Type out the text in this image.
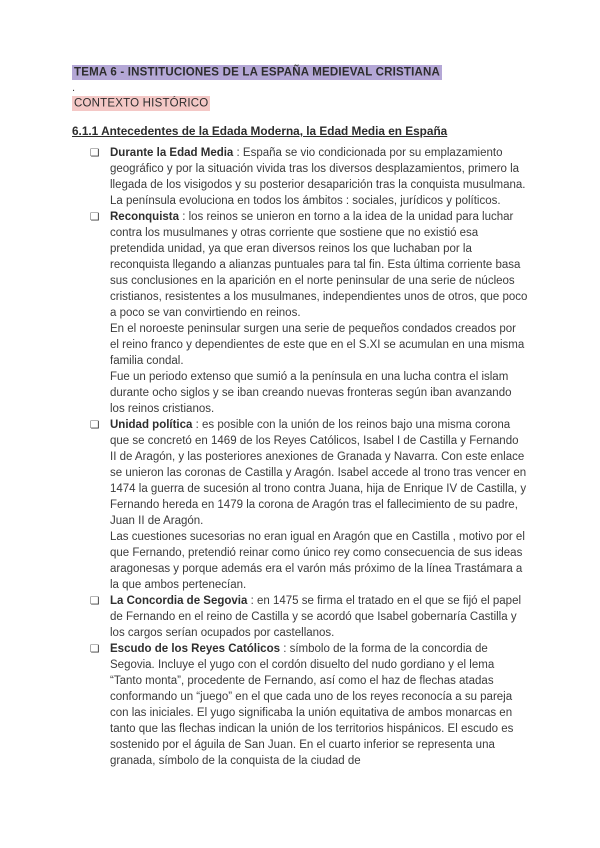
TEMA 6 - INSTITUCIONES DE LA ESPAÑA MEDIEVAL CRISTIANA
.
CONTEXTO HISTÓRICO
6.1.1 Antecedentes de la Edada Moderna, la Edad Media en España
❏ Durante la Edad Media : España se vio condicionada por su emplazamiento geográfico y por la situación vivida tras los diversos desplazamientos, primero la llegada de los visigodos y su posterior desaparición tras la conquista musulmana. La península evoluciona en todos los ámbitos : sociales, jurídicos y políticos.

❏ Reconquista : los reinos se unieron en torno a la idea de la unidad para luchar contra los musulmanes y otras corriente que sostiene que no existió esa pretendida unidad, ya que eran diversos reinos los que luchaban por la reconquista llegando a alianzas puntuales para tal fin. Esta última corriente basa sus conclusiones en la aparición en el norte peninsular de una serie de núcleos cristianos, resistentes a los musulmanes, independientes unos de otros, que poco a poco se van convirtiendo en reinos.

En el noroeste peninsular surgen una serie de pequeños condados creados por el reino franco y dependientes de este que en el S.XI se acumulan en una misma familia condal.

Fue un periodo extenso que sumió a la península en una lucha contra el islam durante ocho siglos y se iban creando nuevas fronteras según iban avanzando los reinos cristianos.

❏ Unidad política : es posible con la unión de los reinos bajo una misma corona que se concretó en 1469 de los Reyes Católicos, Isabel I de Castilla y Fernando II de Aragón, y las posteriores anexiones de Granada y Navarra. Con este enlace se unieron las coronas de Castilla y Aragón. Isabel accede al trono tras vencer en 1474 la guerra de sucesión al trono contra Juana, hija de Enrique IV de Castilla, y Fernando hereda en 1479 la corona de Aragón tras el fallecimiento de su padre, Juan II de Aragón.

Las cuestiones sucesorias no eran igual en Aragón que en Castilla , motivo por el que Fernando, pretendió reinar como único rey como consecuencia de sus ideas aragonesas y porque además era el varón más próximo de la línea Trastámara a la que ambos pertenecían.

❏ La Concordia de Segovia : en 1475 se firma el tratado en el que se fijó el papel de Fernando en el reino de Castilla y se acordó que Isabel gobernaría Castilla y los cargos serían ocupados por castellanos.

❏ Escudo de los Reyes Católicos : símbolo de la forma de la concordia de Segovia. Incluye el yugo con el cordón disuelto del nudo gordiano y el lema “Tanto monta”, procedente de Fernando, así como el haz de flechas atadas conformando un “juego” en el que cada uno de los reyes reconocía a su pareja con las iniciales. El yugo significaba la unión equitativa de ambos monarcas en tanto que las flechas indican la unión de los territorios hispánicos. El escudo es sostenido por el águila de San Juan. En el cuarto inferior se representa una granada, símbolo de la conquista de la ciudad de
